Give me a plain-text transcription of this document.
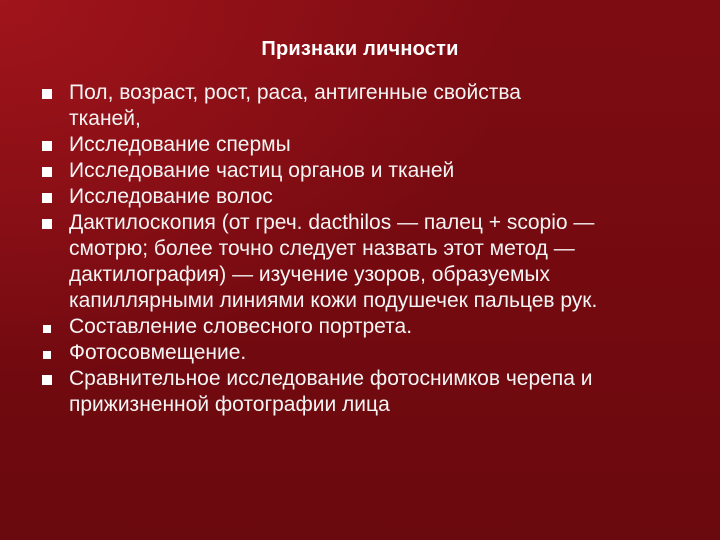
Признаки личности
Пол, возраст, рост, раса, антигенные свойства
тканей,
Исследование спермы
Исследование частиц органов и тканей
Исследование волос
Дактилоскопия (от греч. dacthilos — палец + scopio —
смотрю; более точно следует назвать этот метод —
дактилография) — изучение узоров, образуемых
капиллярными линиями кожи подушечек пальцев рук.
Составление словесного портрета.
Фотосовмещение.
Сравнительное исследование фотоснимков черепа и
прижизненной фотографии лица
